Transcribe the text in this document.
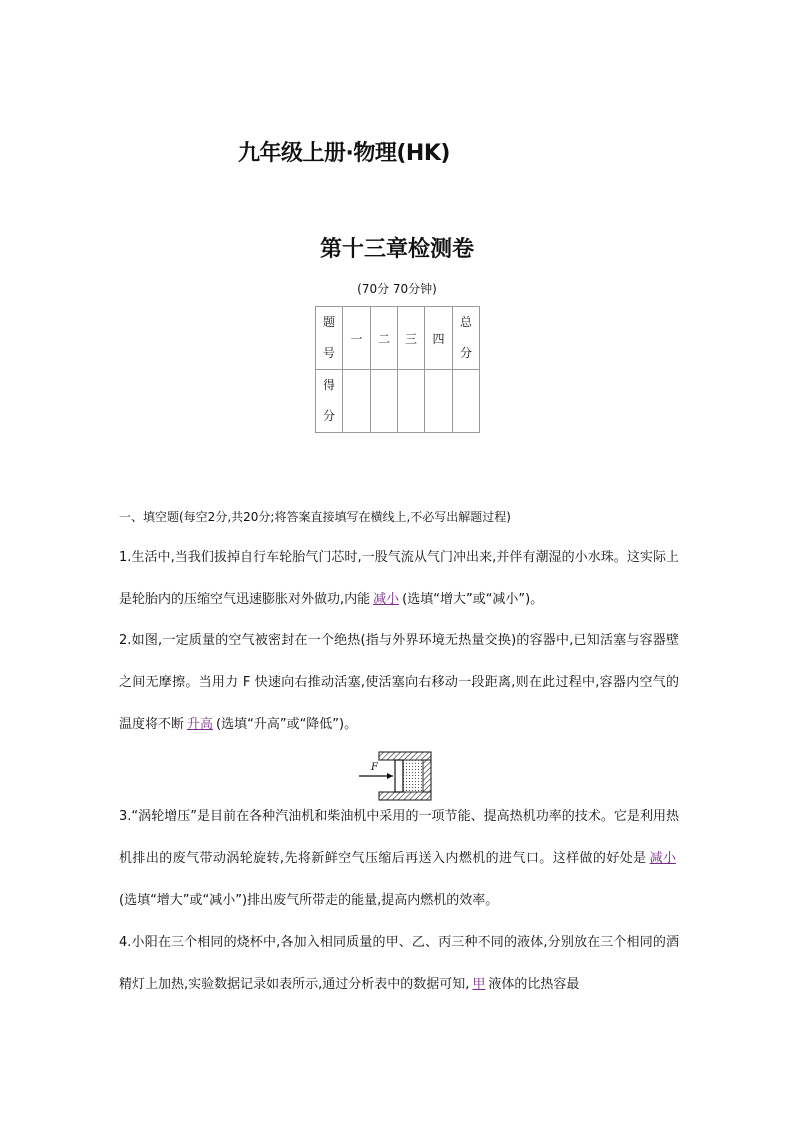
九年级上册·物理(HK)
第十三章检测卷
(70分 70分钟)
题号	一	二	三	四	总分
得分					
一、填空题(每空2分,共20分;将答案直接填写在横线上,不必写出解题过程)
1.生活中,当我们拔掉自行车轮胎气门芯时,一股气流从气门冲出来,并伴有潮湿的小水珠。这实际上是轮胎内的压缩空气迅速膨胀对外做功,内能 减小 (选填“增大”或“减小”)。
2.如图,一定质量的空气被密封在一个绝热(指与外界环境无热量交换)的容器中,已知活塞与容器壁之间无摩擦。当用力 F 快速向右推动活塞,使活塞向右移动一段距离,则在此过程中,容器内空气的温度将不断 升高 (选填“升高”或“降低”)。
F
3.“涡轮增压”是目前在各种汽油机和柴油机中采用的一项节能、提高热机功率的技术。它是利用热机排出的废气带动涡轮旋转,先将新鲜空气压缩后再送入内燃机的进气口。这样做的好处是 减小(选填“增大”或“减小”)排出废气所带走的能量,提高内燃机的效率。
4.小阳在三个相同的烧杯中,各加入相同质量的甲、乙、丙三种不同的液体,分别放在三个相同的酒精灯上加热,实验数据记录如表所示,通过分析表中的数据可知, 甲 液体的比热容最
